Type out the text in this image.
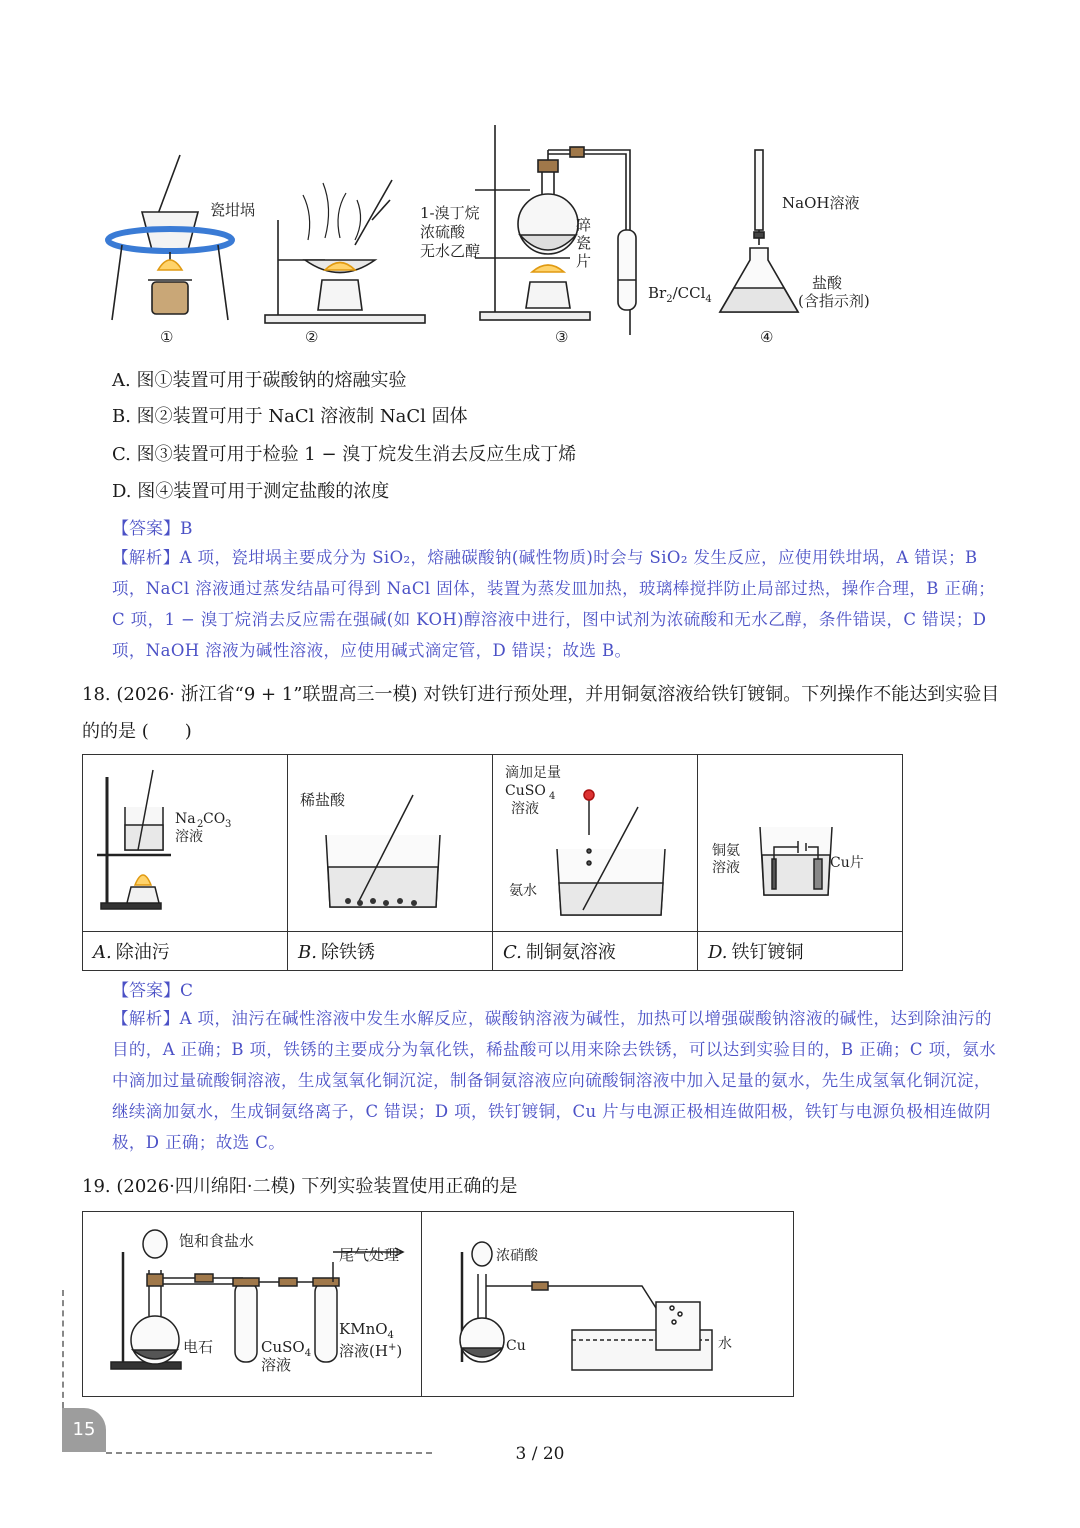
瓷坩埚	1-溴丁烷
浓硫酸
无水乙醇
碎
瓷
片
$Br_2/CCl_4$
NaOH溶液
盐酸
(含指示剂)
①	②	③	④
A. 图①装置可用于碳酸钠的熔融实验
B. 图②装置可用于 NaCl 溶液制 NaCl 固体
C. 图③装置可用于检验 1 − 溴丁烷发生消去反应生成丁烯
D. 图④装置可用于测定盐酸的浓度
【答案】B
【解析】A 项，瓷坩埚主要成分为 SiO₂，熔融碳酸钠(碱性物质)时会与 SiO₂ 发生反应，应使用铁坩埚，A 错误；B 项，NaCl 溶液通过蒸发结晶可得到 NaCl 固体，装置为蒸发皿加热，玻璃棒搅拌防止局部过热，操作合理，B 正确；C 项，1 − 溴丁烷消去反应需在强碱(如 KOH)醇溶液中进行，图中试剂为浓硫酸和无水乙醇，条件错误，C 错误；D 项，NaOH 溶液为碱性溶液，应使用碱式滴定管，D 错误；故选 B。
18. (2026· 浙江省“9 + 1”联盟高三一模) 对铁钉进行预处理，并用铜氨溶液给铁钉镀铜。下列操作不能达到实验目的的是 (　　)
Na 2 CO 3
溶液	稀盐酸	滴加足量
CuSO 4
溶液
氨水	铜氨
溶液 Cu片

A. 除油污	B. 除铁锈	C. 制铜氨溶液	D. 铁钉镀铜
【答案】C
【解析】A 项，油污在碱性溶液中发生水解反应，碳酸钠溶液为碱性，加热可以增强碳酸钠溶液的碱性，达到除油污的目的，A 正确；B 项，铁锈的主要成分为氧化铁，稀盐酸可以用来除去铁锈，可以达到实验目的，B 正确；C 项，氨水中滴加过量硫酸铜溶液，生成氢氧化铜沉淀，制备铜氨溶液应向硫酸铜溶液中加入足量的氨水，先生成氢氧化铜沉淀，继续滴加氨水，生成铜氨络离子，C 错误；D 项，铁钉镀铜，Cu 片与电源正极相连做阳极，铁钉与电源负极相连做阴极，D 正确；故选 C。
19. (2026·四川绵阳·二模) 下列实验装置使用正确的是
饱和食盐水
尾气处理
电石	CuSO$_4$
溶液
KMnO$_4$
溶液(H+)

浓硝酸
Cu	水
15
3 / 20
